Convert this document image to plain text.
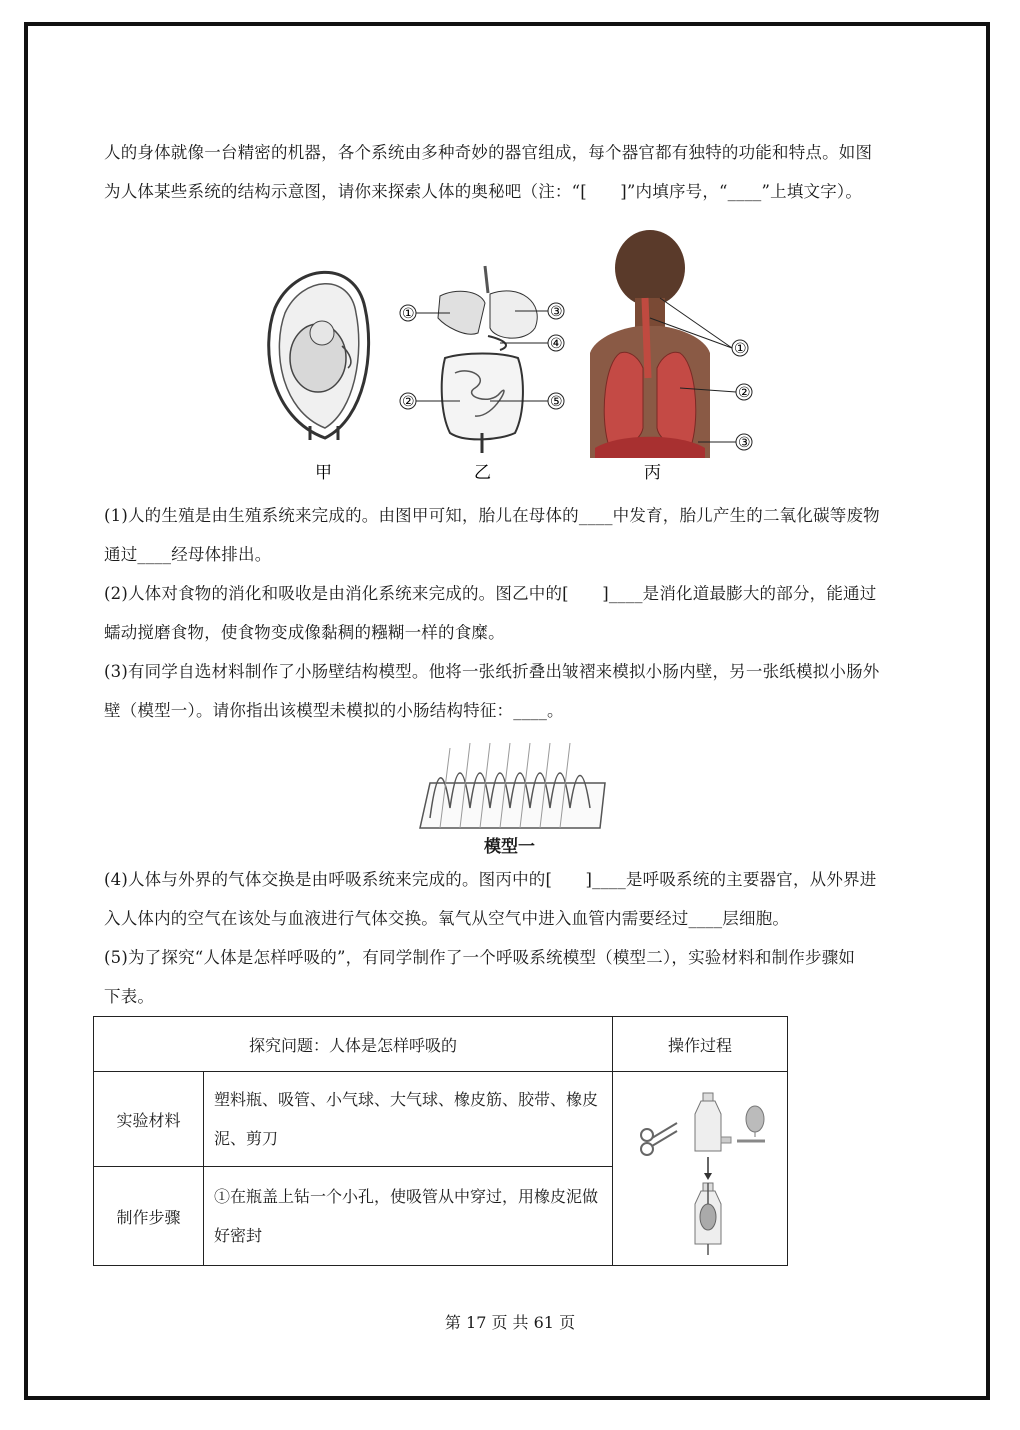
人的身体就像一台精密的机器，各个系统由多种奇妙的器官组成，每个器官都有独特的功能和特点。如图
为人体某些系统的结构示意图，请你来探索人体的奥秘吧（注：“[　　]”内填序号，“____”上填文字）。
甲
①
②
③
④
⑤
乙
①
②
③
丙
(1)人的生殖是由生殖系统来完成的。由图甲可知，胎儿在母体的____中发育，胎儿产生的二氧化碳等废物
通过____经母体排出。
(2)人体对食物的消化和吸收是由消化系统来完成的。图乙中的[　　]____是消化道最膨大的部分，能通过
蠕动搅磨食物，使食物变成像黏稠的糨糊一样的食糜。
(3)有同学自选材料制作了小肠壁结构模型。他将一张纸折叠出皱褶来模拟小肠内壁，另一张纸模拟小肠外
壁（模型一）。请你指出该模型未模拟的小肠结构特征：____。
模型一
(4)人体与外界的气体交换是由呼吸系统来完成的。图丙中的[　　]____是呼吸系统的主要器官，从外界进
入人体内的空气在该处与血液进行气体交换。氧气从空气中进入血管内需要经过____层细胞。
(5)为了探究“人体是怎样呼吸的”，有同学制作了一个呼吸系统模型（模型二），实验材料和制作步骤如
下表。
探究问题：人体是怎样呼吸的		操作过程
实验材料	塑料瓶、吸管、小气球、大气球、橡皮筋、胶带、橡皮泥、剪刀	
制作步骤	①在瓶盖上钻一个小孔，使吸管从中穿过，用橡皮泥做好密封	
第 17 页 共 61 页
